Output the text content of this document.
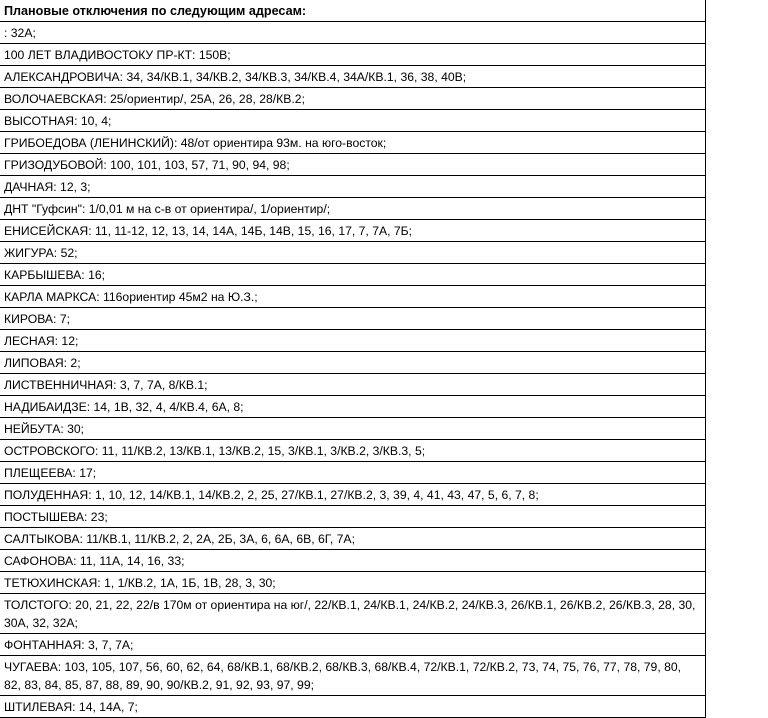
Плановые отключения по следующим адресам:
: 32А;
100 ЛЕТ ВЛАДИВОСТОКУ ПР-КТ: 150В;
АЛЕКСАНДРОВИЧА: 34, 34/КВ.1, 34/КВ.2, 34/КВ.3, 34/КВ.4, 34А/КВ.1, 36, 38, 40В;
ВОЛОЧАЕВСКАЯ: 25/ориентир/, 25А, 26, 28, 28/КВ.2;
ВЫСОТНАЯ: 10, 4;
ГРИБОЕДОВА (ЛЕНИНСКИЙ): 48/от ориентира 93м. на юго-восток;
ГРИЗОДУБОВОЙ: 100, 101, 103, 57, 71, 90, 94, 98;
ДАЧНАЯ: 12, 3;
ДНТ "Гуфсин": 1/0,01 м на с-в от ориентира/, 1/ориентир/;
ЕНИСЕЙСКАЯ: 11, 11-12, 12, 13, 14, 14А, 14Б, 14В, 15, 16, 17, 7, 7А, 7Б;
ЖИГУРА: 52;
КАРБЫШЕВА: 16;
КАРЛА МАРКСА: 116ориентир 45м2 на Ю.З.;
КИРОВА: 7;
ЛЕСНАЯ: 12;
ЛИПОВАЯ: 2;
ЛИСТВЕННИЧНАЯ: 3, 7, 7А, 8/КВ.1;
НАДИБАИДЗЕ: 14, 1В, 32, 4, 4/КВ.4, 6А, 8;
НЕЙБУТА: 30;
ОСТРОВСКОГО: 11, 11/КВ.2, 13/КВ.1, 13/КВ.2, 15, 3/КВ.1, 3/КВ.2, 3/КВ.3, 5;
ПЛЕЩЕЕВА: 17;
ПОЛУДЕННАЯ: 1, 10, 12, 14/КВ.1, 14/КВ.2, 2, 25, 27/КВ.1, 27/КВ.2, 3, 39, 4, 41, 43, 47, 5, 6, 7, 8;
ПОСТЫШЕВА: 23;
САЛТЫКОВА: 11/КВ.1, 11/КВ.2, 2, 2А, 2Б, 3А, 6, 6А, 6В, 6Г, 7А;
САФОНОВА: 11, 11А, 14, 16, 33;
ТЕТЮХИНСКАЯ: 1, 1/КВ.2, 1А, 1Б, 1В, 28, 3, 30;
ТОЛСТОГО: 20, 21, 22, 22/в 170м от ориентира на юг/, 22/КВ.1, 24/КВ.1, 24/КВ.2, 24/КВ.3, 26/КВ.1, 26/КВ.2, 26/КВ.3, 28, 30, 30А, 32, 32А;
ФОНТАННАЯ: 3, 7, 7А;
ЧУГАЕВА: 103, 105, 107, 56, 60, 62, 64, 68/КВ.1, 68/КВ.2, 68/КВ.3, 68/КВ.4, 72/КВ.1, 72/КВ.2, 73, 74, 75, 76, 77, 78, 79, 80, 82, 83, 84, 85, 87, 88, 89, 90, 90/КВ.2, 91, 92, 93, 97, 99;
ШТИЛЕВАЯ: 14, 14А, 7;
